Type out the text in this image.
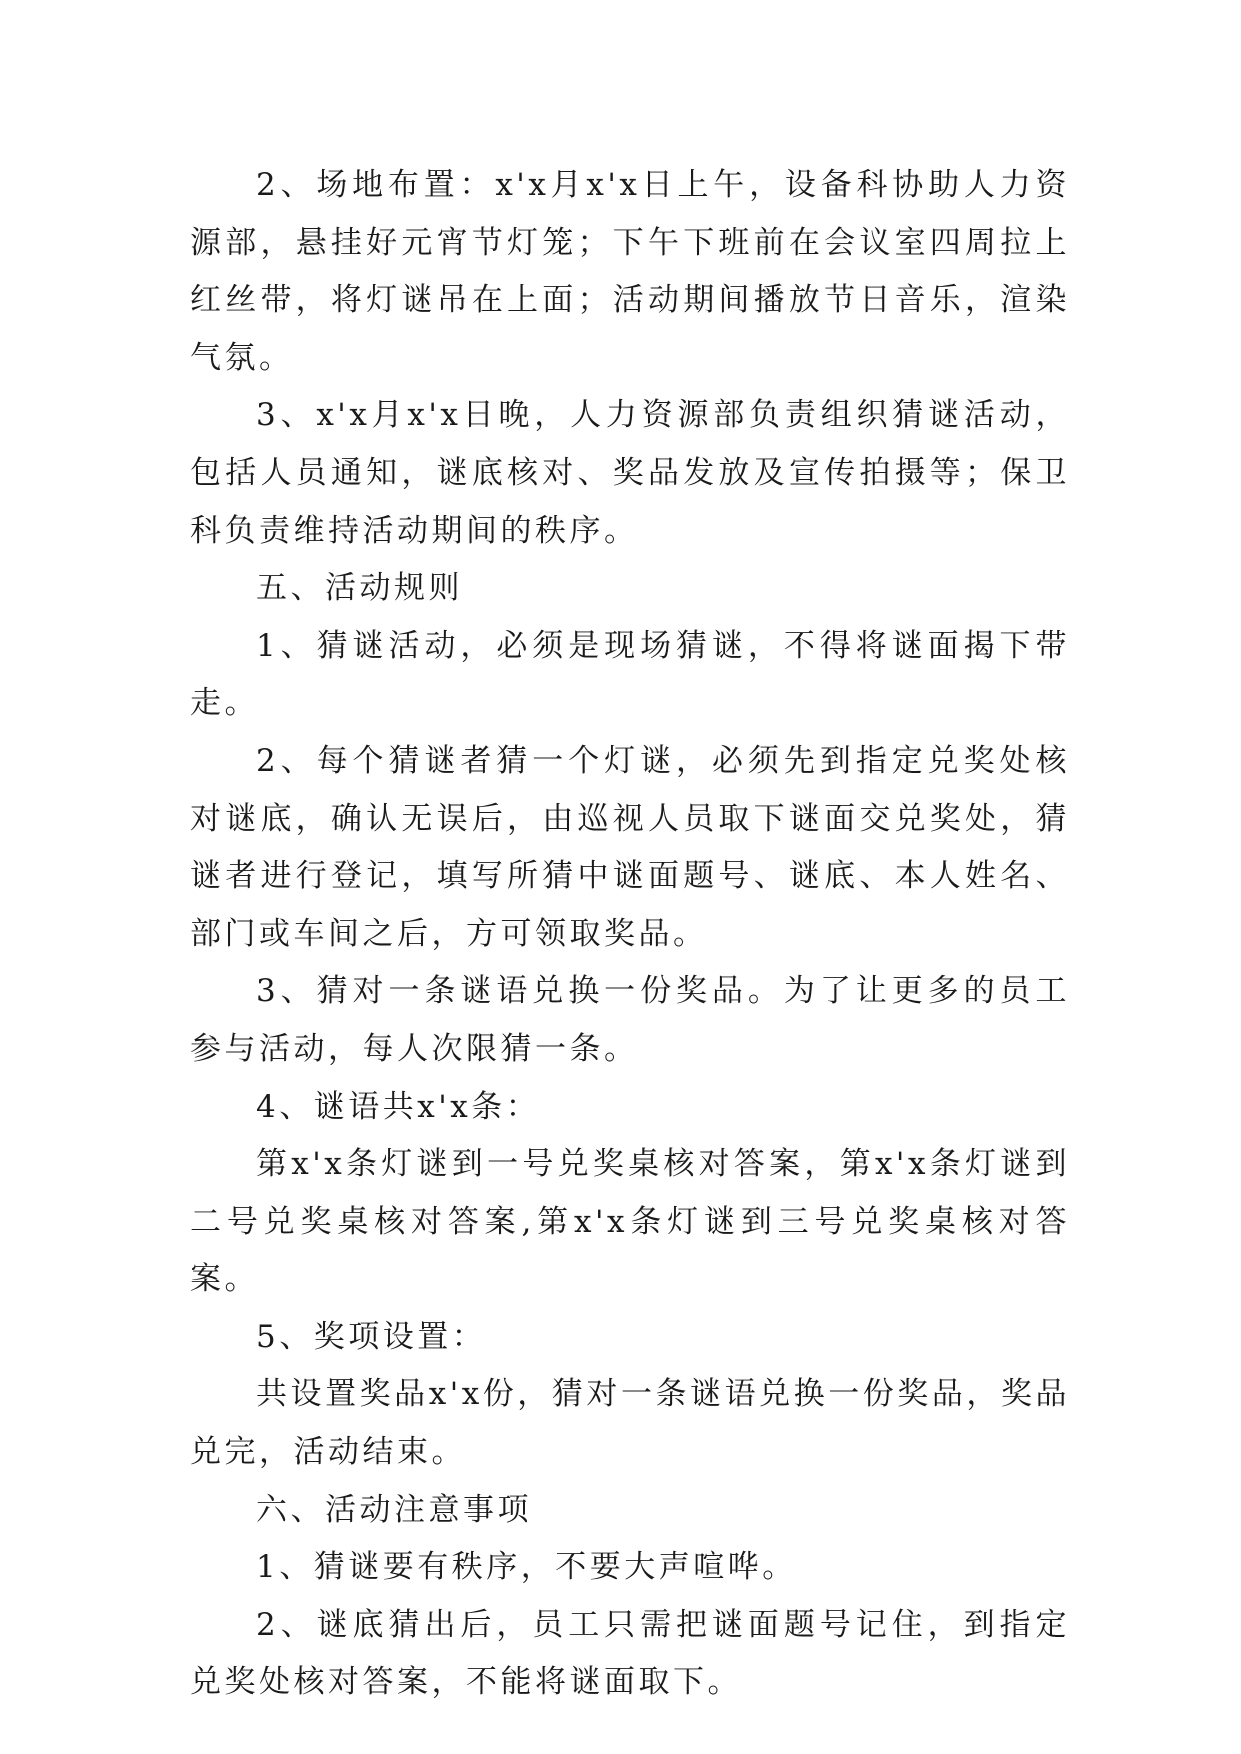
2、场地布置：x'x月x'x日上午，设备科协助人力资源部，悬挂好元宵节灯笼；下午下班前在会议室四周拉上红丝带，将灯谜吊在上面；活动期间播放节日音乐，渲染气氛。

3、x'x月x'x日晚，人力资源部负责组织猜谜活动，包括人员通知，谜底核对、奖品发放及宣传拍摄等；保卫科负责维持活动期间的秩序。

五、活动规则

1、猜谜活动，必须是现场猜谜，不得将谜面揭下带走。

2、每个猜谜者猜一个灯谜，必须先到指定兑奖处核对谜底，确认无误后，由巡视人员取下谜面交兑奖处，猜谜者进行登记，填写所猜中谜面题号、谜底、本人姓名、部门或车间之后，方可领取奖品。

3、猜对一条谜语兑换一份奖品。为了让更多的员工参与活动，每人次限猜一条。

4、谜语共x'x条：

第x'x条灯谜到一号兑奖桌核对答案，第x'x条灯谜到二号兑奖桌核对答案,第x'x条灯谜到三号兑奖桌核对答案。

5、奖项设置：

共设置奖品x'x份，猜对一条谜语兑换一份奖品，奖品兑完，活动结束。

六、活动注意事项

1、猜谜要有秩序，不要大声喧哗。

2、谜底猜出后，员工只需把谜面题号记住，到指定兑奖处核对答案，不能将谜面取下。
